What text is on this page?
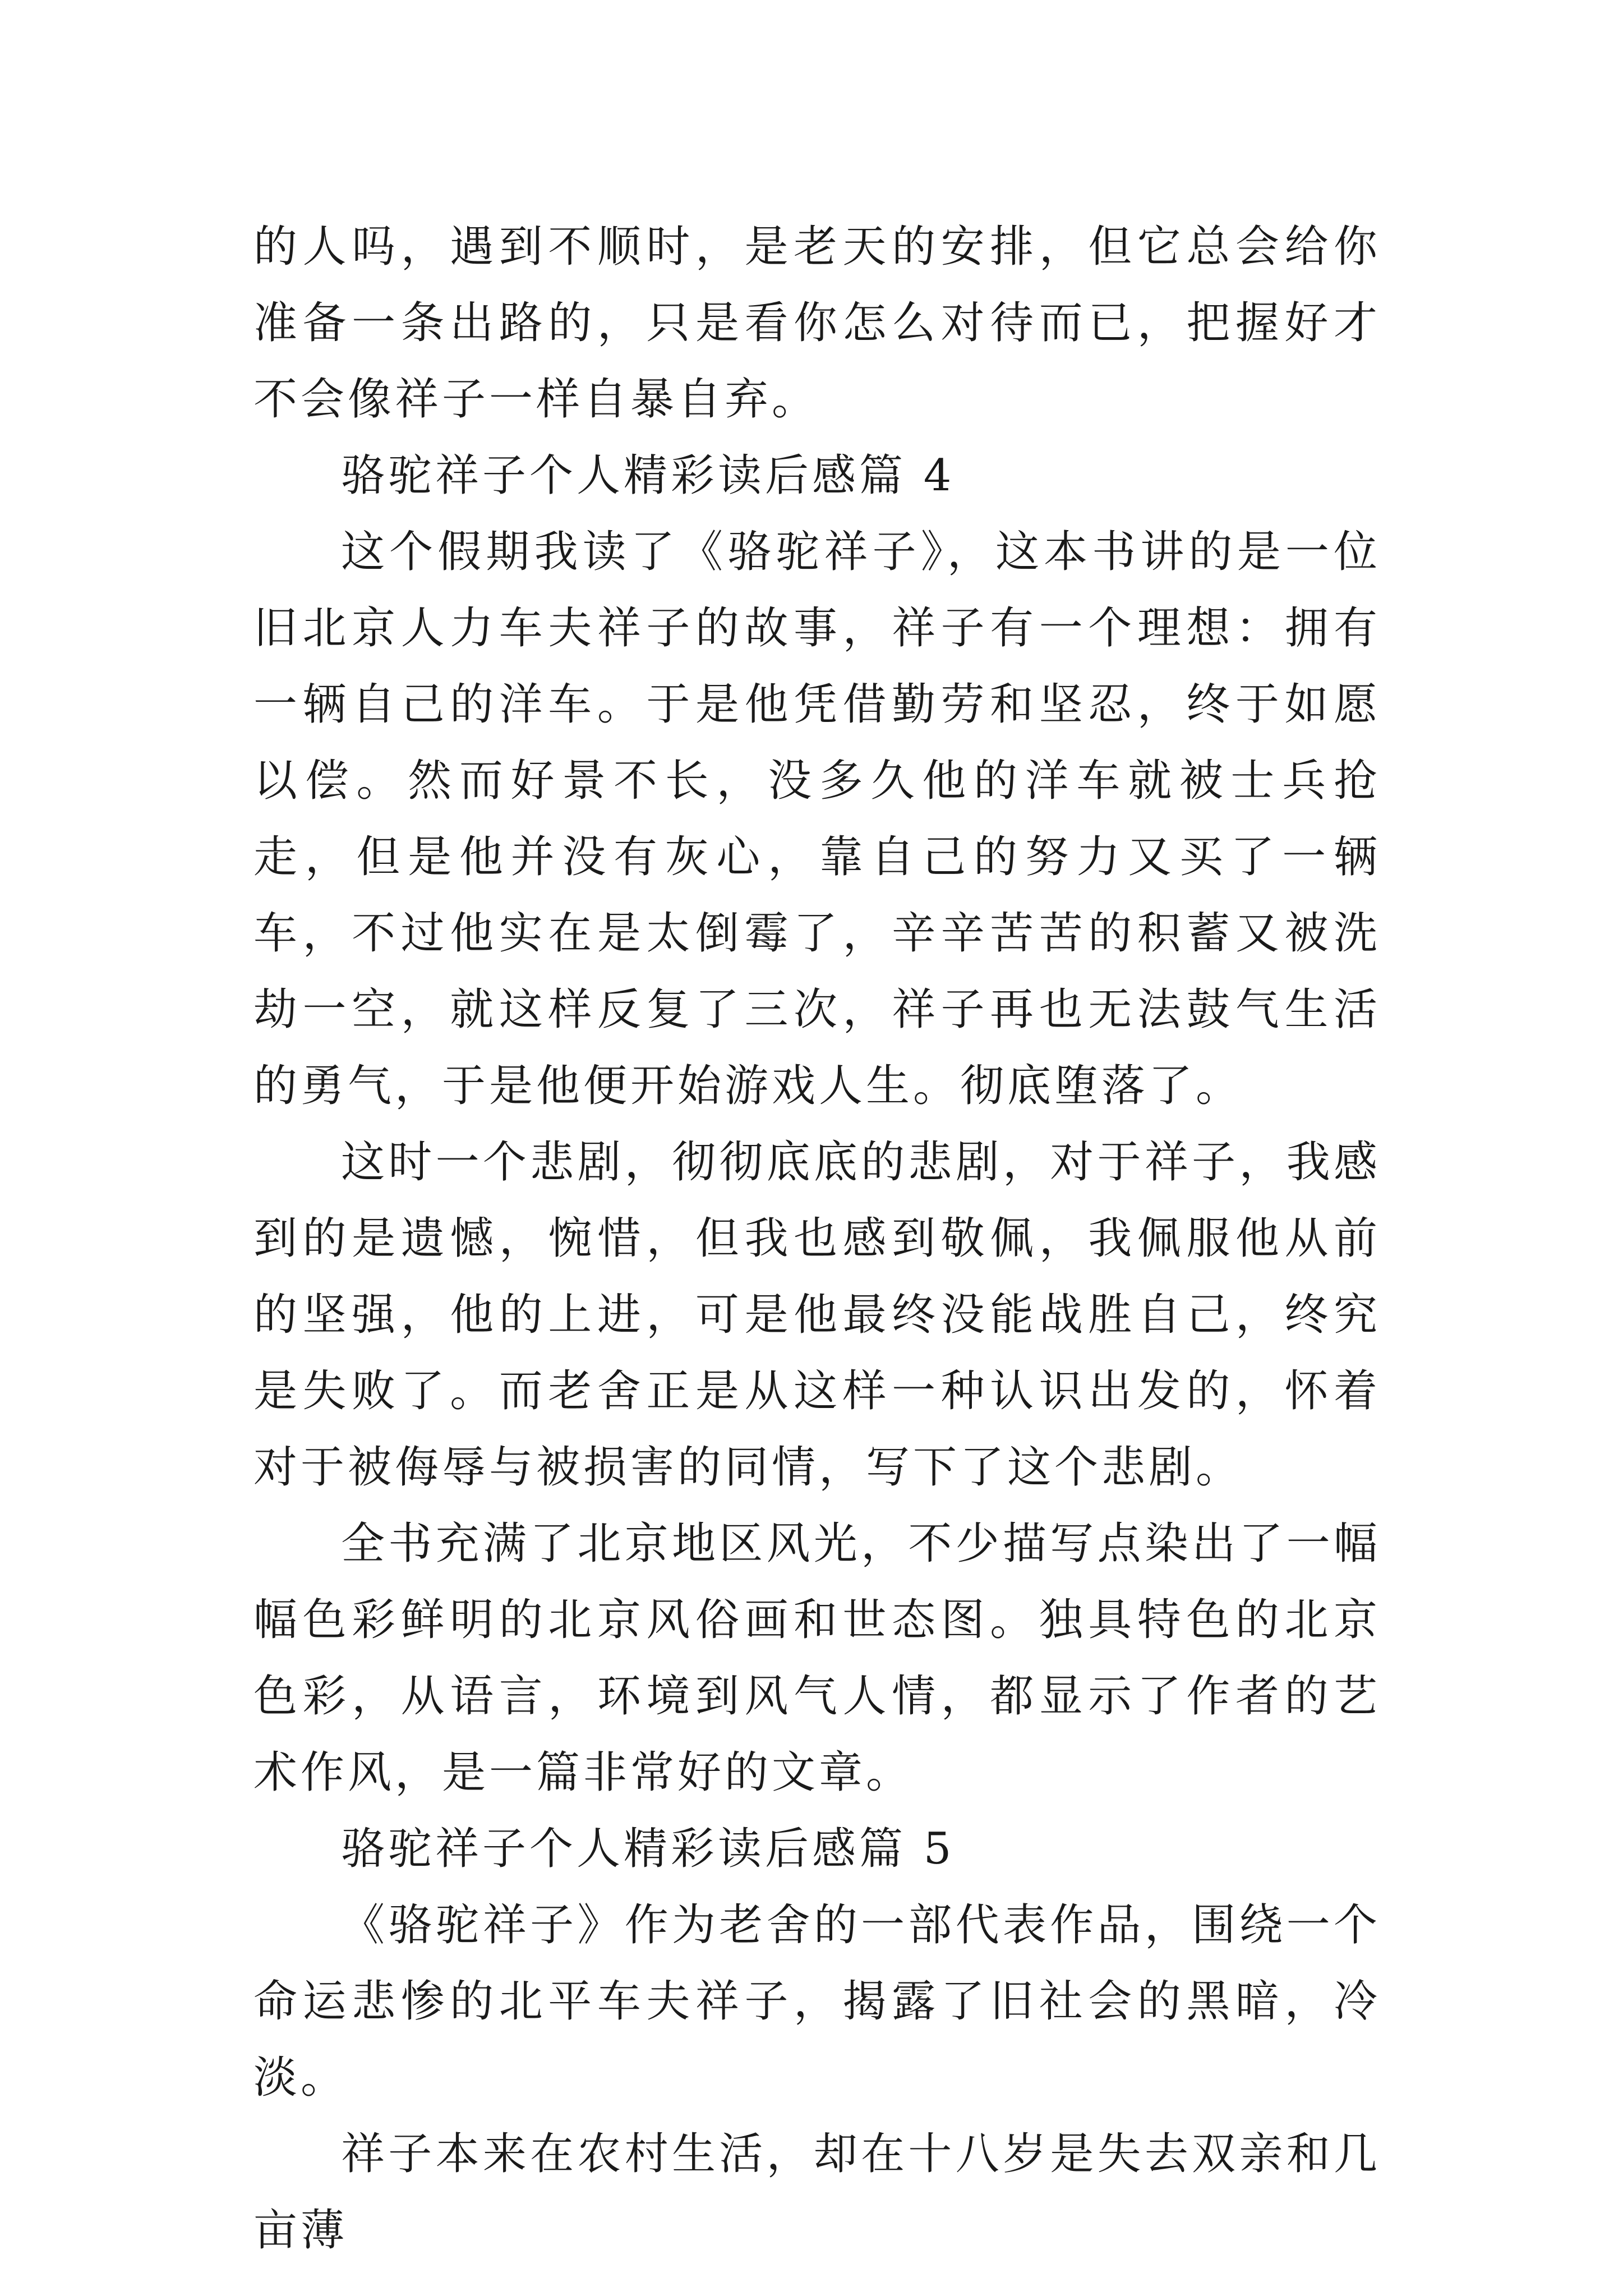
的人吗，遇到不顺时，是老天的安排，但它总会给你准备一条出路的，只是看你怎么对待而已，把握好才不会像祥子一样自暴自弃。

骆驼祥子个人精彩读后感篇 4

这个假期我读了《骆驼祥子》，这本书讲的是一位旧北京人力车夫祥子的故事，祥子有一个理想：拥有一辆自己的洋车。于是他凭借勤劳和坚忍，终于如愿以偿。然而好景不长，没多久他的洋车就被士兵抢走，但是他并没有灰心，靠自己的努力又买了一辆车，不过他实在是太倒霉了，辛辛苦苦的积蓄又被洗劫一空，就这样反复了三次，祥子再也无法鼓气生活的勇气，于是他便开始游戏人生。彻底堕落了。

这时一个悲剧，彻彻底底的悲剧，对于祥子，我感到的是遗憾，惋惜，但我也感到敬佩，我佩服他从前的坚强，他的上进，可是他最终没能战胜自己，终究是失败了。而老舍正是从这样一种认识出发的，怀着对于被侮辱与被损害的同情，写下了这个悲剧。

全书充满了北京地区风光，不少描写点染出了一幅幅色彩鲜明的北京风俗画和世态图。独具特色的北京色彩，从语言，环境到风气人情，都显示了作者的艺术作风，是一篇非常好的文章。

骆驼祥子个人精彩读后感篇 5

《骆驼祥子》作为老舍的一部代表作品，围绕一个命运悲惨的北平车夫祥子，揭露了旧社会的黑暗，冷淡。

祥子本来在农村生活，却在十八岁是失去双亲和几亩薄
